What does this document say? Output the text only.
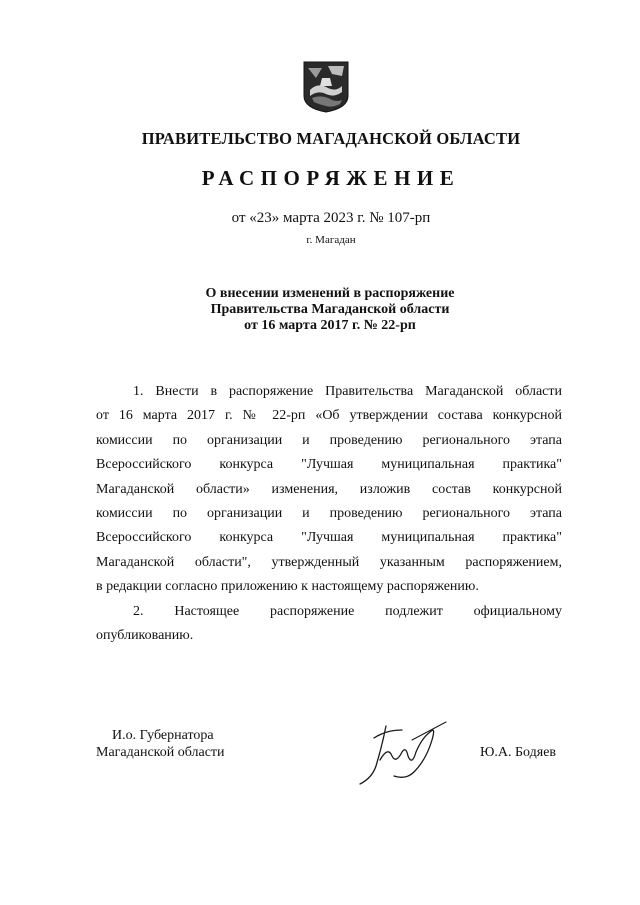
ПРАВИТЕЛЬСТВО МАГАДАНСКОЙ ОБЛАСТИ
РАСПОРЯЖЕНИЕ
от «23» марта 2023 г. № 107-рп
г. Магадан
О внесении изменений в распоряжение
Правительства Магаданской области
от 16 марта 2017 г. № 22-рп

1. Внести в распоряжение Правительства Магаданской области

от 16 марта 2017 г. № 22-рп «Об утверждении состава конкурсной

комиссии по организации и проведению регионального этапа

Всероссийского конкурса "Лучшая муниципальная практика"

Магаданской области» изменения, изложив состав конкурсной

комиссии по организации и проведению регионального этапа

Всероссийского конкурса "Лучшая муниципальная практика"

Магаданской области", утвержденный указанным распоряжением,

в редакции согласно приложению к настоящему распоряжению.

2. Настоящее распоряжение подлежит официальному

опубликованию.

И.о. Губернатора
Магаданской области	Ю.А. Бодяев
